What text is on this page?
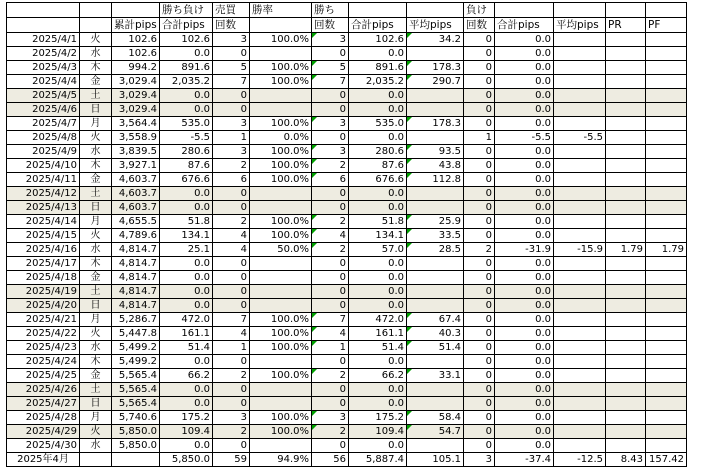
			勝ち負け	売買	勝率	勝ち			負け				
		累計pips	合計pips	回数		回数	合計pips	平均pips	回数	合計pips	平均pips	PR	PF
2025/4/1	火	102.6	102.6	3	100.0%	3	102.6	34.2	0	0.0			
2025/4/2	水	102.6	0.0	0		0	0.0		0	0.0			
2025/4/3	木	994.2	891.6	5	100.0%	5	891.6	178.3	0	0.0			
2025/4/4	金	3,029.4	2,035.2	7	100.0%	7	2,035.2	290.7	0	0.0			
2025/4/5	土	3,029.4	0.0	0		0	0.0		0	0.0			
2025/4/6	日	3,029.4	0.0	0		0	0.0		0	0.0			
2025/4/7	月	3,564.4	535.0	3	100.0%	3	535.0	178.3	0	0.0			
2025/4/8	火	3,558.9	-5.5	1	0.0%	0	0.0		1	-5.5	-5.5		
2025/4/9	水	3,839.5	280.6	3	100.0%	3	280.6	93.5	0	0.0			
2025/4/10	木	3,927.1	87.6	2	100.0%	2	87.6	43.8	0	0.0			
2025/4/11	金	4,603.7	676.6	6	100.0%	6	676.6	112.8	0	0.0			
2025/4/12	土	4,603.7	0.0	0		0	0.0		0	0.0			
2025/4/13	日	4,603.7	0.0	0		0	0.0		0	0.0			
2025/4/14	月	4,655.5	51.8	2	100.0%	2	51.8	25.9	0	0.0			
2025/4/15	火	4,789.6	134.1	4	100.0%	4	134.1	33.5	0	0.0			
2025/4/16	水	4,814.7	25.1	4	50.0%	2	57.0	28.5	2	-31.9	-15.9	1.79	1.79
2025/4/17	木	4,814.7	0.0	0		0	0.0		0	0.0			
2025/4/18	金	4,814.7	0.0	0		0	0.0		0	0.0			
2025/4/19	土	4,814.7	0.0	0		0	0.0		0	0.0			
2025/4/20	日	4,814.7	0.0	0		0	0.0		0	0.0			
2025/4/21	月	5,286.7	472.0	7	100.0%	7	472.0	67.4	0	0.0			
2025/4/22	火	5,447.8	161.1	4	100.0%	4	161.1	40.3	0	0.0			
2025/4/23	水	5,499.2	51.4	1	100.0%	1	51.4	51.4	0	0.0			
2025/4/24	木	5,499.2	0.0	0		0	0.0		0	0.0			
2025/4/25	金	5,565.4	66.2	2	100.0%	2	66.2	33.1	0	0.0			
2025/4/26	土	5,565.4	0.0	0		0	0.0		0	0.0			
2025/4/27	日	5,565.4	0.0	0		0	0.0		0	0.0			
2025/4/28	月	5,740.6	175.2	3	100.0%	3	175.2	58.4	0	0.0			
2025/4/29	火	5,850.0	109.4	2	100.0%	2	109.4	54.7	0	0.0			
2025/4/30	水	5,850.0	0.0	0		0	0.0		0	0.0			
2025年4月			5,850.0	59	94.9%	56	5,887.4	105.1	3	-37.4	-12.5	8.43	157.42
